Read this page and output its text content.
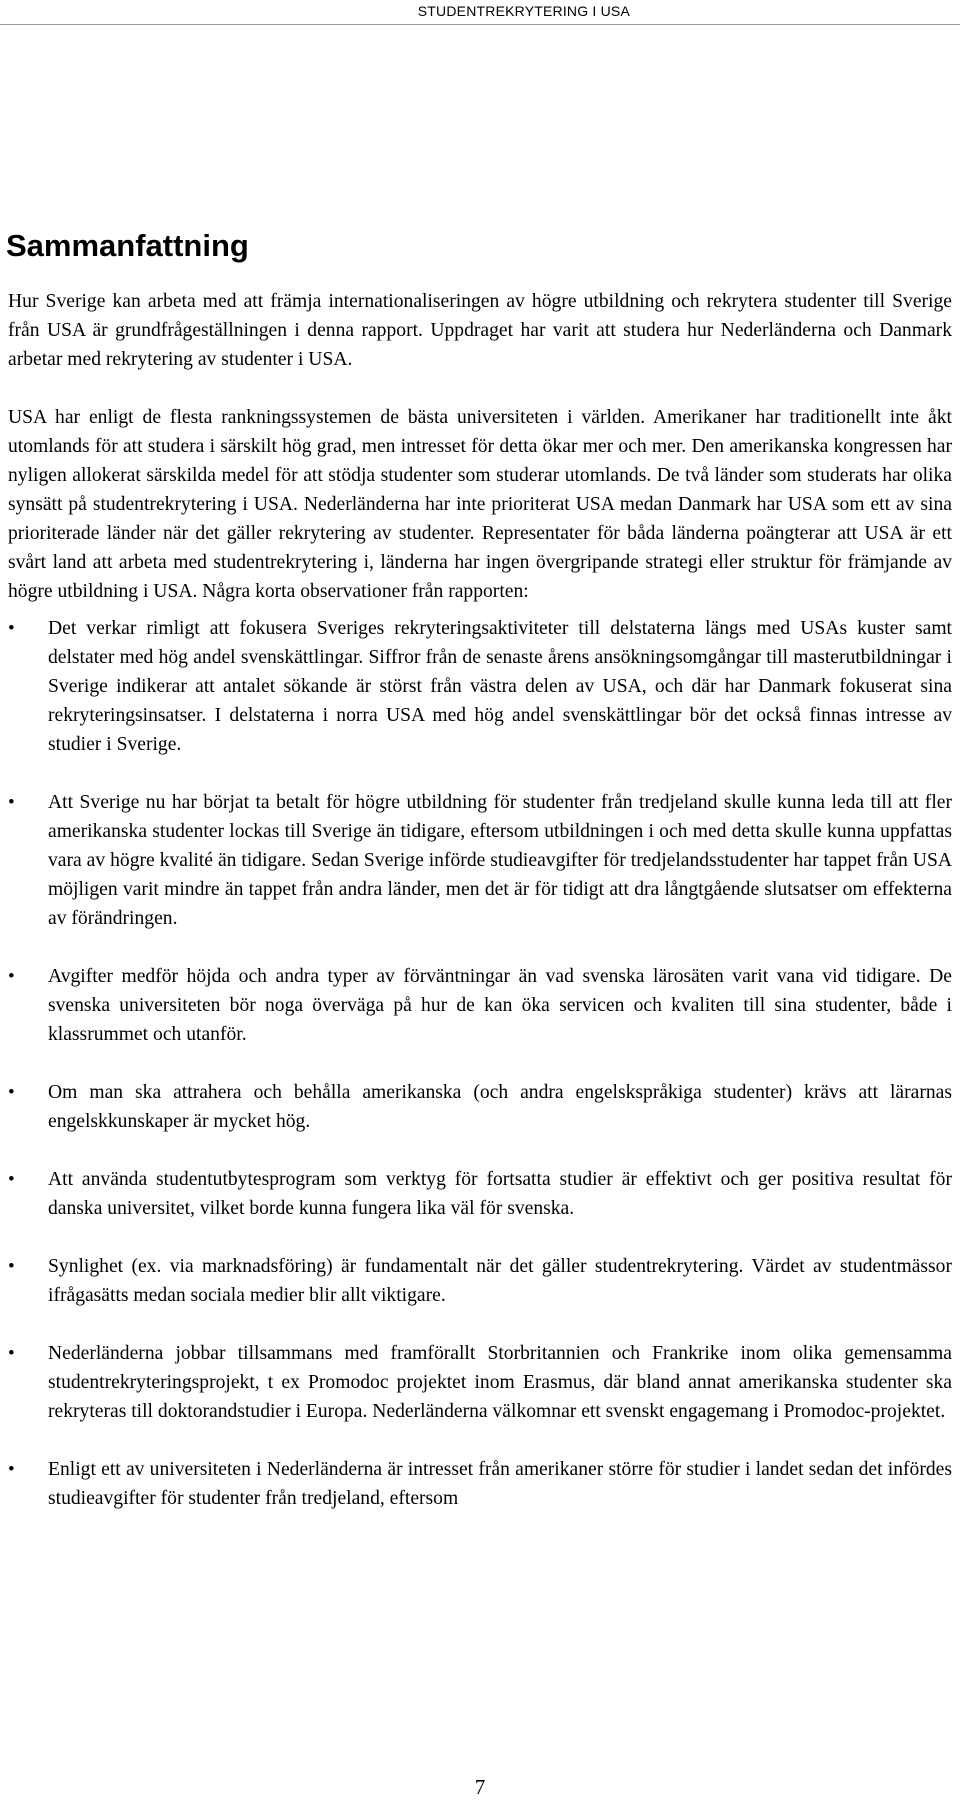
STUDENTREKRYTERING I USA
Sammanfattning

Hur Sverige kan arbeta med att främja internationaliseringen av högre utbildning och rekrytera studenter till Sverige från USA är grundfrågeställningen i denna rapport. Uppdraget har varit att studera hur Nederländerna och Danmark arbetar med rekrytering av studenter i USA.

USA har enligt de flesta rankningssystemen de bästa universiteten i världen. Amerikaner har traditionellt inte åkt utomlands för att studera i särskilt hög grad, men intresset för detta ökar mer och mer. Den amerikanska kongressen har nyligen allokerat särskilda medel för att stödja studenter som studerar utomlands. De två länder som studerats har olika synsätt på studentrekrytering i USA. Nederländerna har inte prioriterat USA medan Danmark har USA som ett av sina prioriterade länder när det gäller rekrytering av studenter. Representater för båda länderna poängterar att USA är ett svårt land att arbeta med studentrekrytering i, länderna har ingen övergripande strategi eller struktur för främjande av högre utbildning i USA. Några korta observationer från rapporten:

• Det verkar rimligt att fokusera Sveriges rekryteringsaktiviteter till delstaterna längs med USAs kuster samt delstater med hög andel svenskättlingar. Siffror från de senaste årens ansökningsomgångar till masterutbildningar i Sverige indikerar att antalet sökande är störst från västra delen av USA, och där har Danmark fokuserat sina rekryteringsinsatser. I delstaterna i norra USA med hög andel svenskättlingar bör det också finnas intresse av studier i Sverige.
• Att Sverige nu har börjat ta betalt för högre utbildning för studenter från tredjeland skulle kunna leda till att fler amerikanska studenter lockas till Sverige än tidigare, eftersom utbildningen i och med detta skulle kunna uppfattas vara av högre kvalité än tidigare. Sedan Sverige införde studieavgifter för tredjelandsstudenter har tappet från USA möjligen varit mindre än tappet från andra länder, men det är för tidigt att dra långtgående slutsatser om effekterna av förändringen.
• Avgifter medför höjda och andra typer av förväntningar än vad svenska lärosäten varit vana vid tidigare. De svenska universiteten bör noga överväga på hur de kan öka servicen och kvaliten till sina studenter, både i klassrummet och utanför.
• Om man ska attrahera och behålla amerikanska (och andra engelskspråkiga studenter) krävs att lärarnas engelskkunskaper är mycket hög.
• Att använda studentutbytesprogram som verktyg för fortsatta studier är effektivt och ger positiva resultat för danska universitet, vilket borde kunna fungera lika väl för svenska.
• Synlighet (ex. via marknadsföring) är fundamentalt när det gäller studentrekrytering. Värdet av studentmässor ifrågasätts medan sociala medier blir allt viktigare.
• Nederländerna jobbar tillsammans med framförallt Storbritannien och Frankrike inom olika gemensamma studentrekryteringsprojekt, t ex Promodoc projektet inom Erasmus, där bland annat amerikanska studenter ska rekryteras till doktorandstudier i Europa. Nederländerna välkomnar ett svenskt engagemang i Promodoc-projektet.
• Enligt ett av universiteten i Nederländerna är intresset från amerikaner större för studier i landet sedan det infördes studieavgifter för studenter från tredjeland, eftersom
7
